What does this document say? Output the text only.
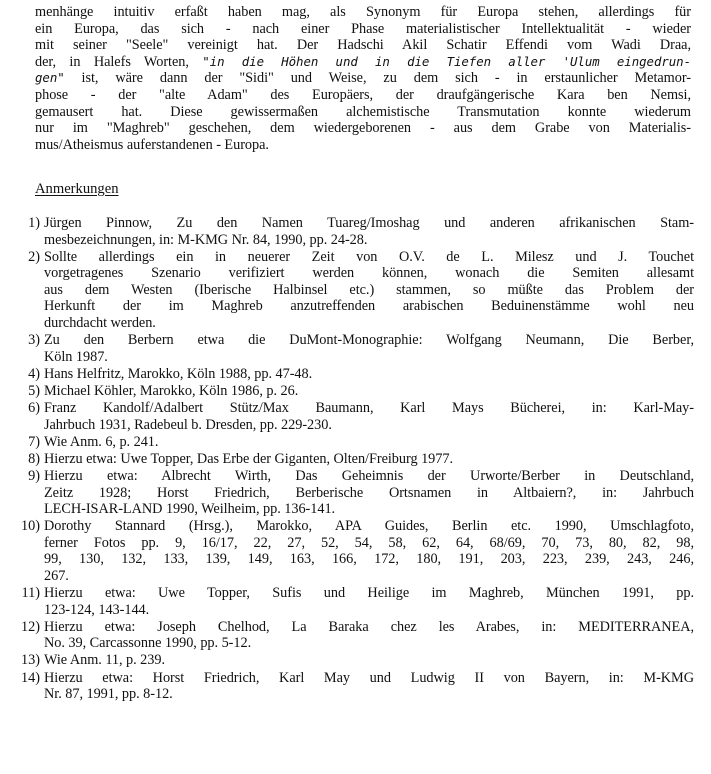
menhänge intuitiv erfaßt haben mag, als Synonym für Europa stehen, allerdings für
ein Europa, das sich - nach einer Phase materialistischer Intellektualität - wieder
mit seiner "Seele" vereinigt hat. Der Hadschi Akil Schatir Effendi vom Wadi Draa,
der, in Halefs Worten, "in die Höhen und in die Tiefen aller 'Ulum eingedrun-
gen" ist, wäre dann der "Sidi" und Weise, zu dem sich - in erstaunlicher Metamor-
phose - der "alte Adam" des Europäers, der draufgängerische Kara ben Nemsi,
gemausert hat. Diese gewissermaßen alchemistische Transmutation konnte wiederum
nur im "Maghreb" geschehen, dem wiedergeborenen - aus dem Grabe von Materialis-
mus/Atheismus auferstandenen - Europa.
Anmerkungen
1) Jürgen Pinnow, Zu den Namen Tuareg/Imoshag und anderen afrikanischen Stam-
mesbezeichnungen, in: M-KMG Nr. 84, 1990, pp. 24-28.
2) Sollte allerdings ein in neuerer Zeit von O.V. de L. Milesz und J. Touchet
vorgetragenes Szenario verifiziert werden können, wonach die Semiten allesamt
aus dem Westen (Iberische Halbinsel etc.) stammen, so müßte das Problem der
Herkunft der im Maghreb anzutreffenden arabischen Beduinenstämme wohl neu
durchdacht werden.
3) Zu den Berbern etwa die DuMont-Monographie: Wolfgang Neumann, Die Berber,
Köln 1987.
4) Hans Helfritz, Marokko, Köln 1988, pp. 47-48.
5) Michael Köhler, Marokko, Köln 1986, p. 26.
6) Franz Kandolf/Adalbert Stütz/Max Baumann, Karl Mays Bücherei, in: Karl-May-
Jahrbuch 1931, Radebeul b. Dresden, pp. 229-230.
7) Wie Anm. 6, p. 241.
8) Hierzu etwa: Uwe Topper, Das Erbe der Giganten, Olten/Freiburg 1977.
9) Hierzu etwa: Albrecht Wirth, Das Geheimnis der Urworte/Berber in Deutschland,
Zeitz 1928; Horst Friedrich, Berberische Ortsnamen in Altbaiern?, in: Jahrbuch
LECH-ISAR-LAND 1990, Weilheim, pp. 136-141.
10) Dorothy Stannard (Hrsg.), Marokko, APA Guides, Berlin etc. 1990, Umschlagfoto,
ferner Fotos pp. 9, 16/17, 22, 27, 52, 54, 58, 62, 64, 68/69, 70, 73, 80, 82, 98,
99, 130, 132, 133, 139, 149, 163, 166, 172, 180, 191, 203, 223, 239, 243, 246,
267.
11) Hierzu etwa: Uwe Topper, Sufis und Heilige im Maghreb, München 1991, pp.
123-124, 143-144.
12) Hierzu etwa: Joseph Chelhod, La Baraka chez les Arabes, in: MEDITERRANEA,
No. 39, Carcassonne 1990, pp. 5-12.
13) Wie Anm. 11, p. 239.
14) Hierzu etwa: Horst Friedrich, Karl May und Ludwig II von Bayern, in: M-KMG
Nr. 87, 1991, pp. 8-12.
